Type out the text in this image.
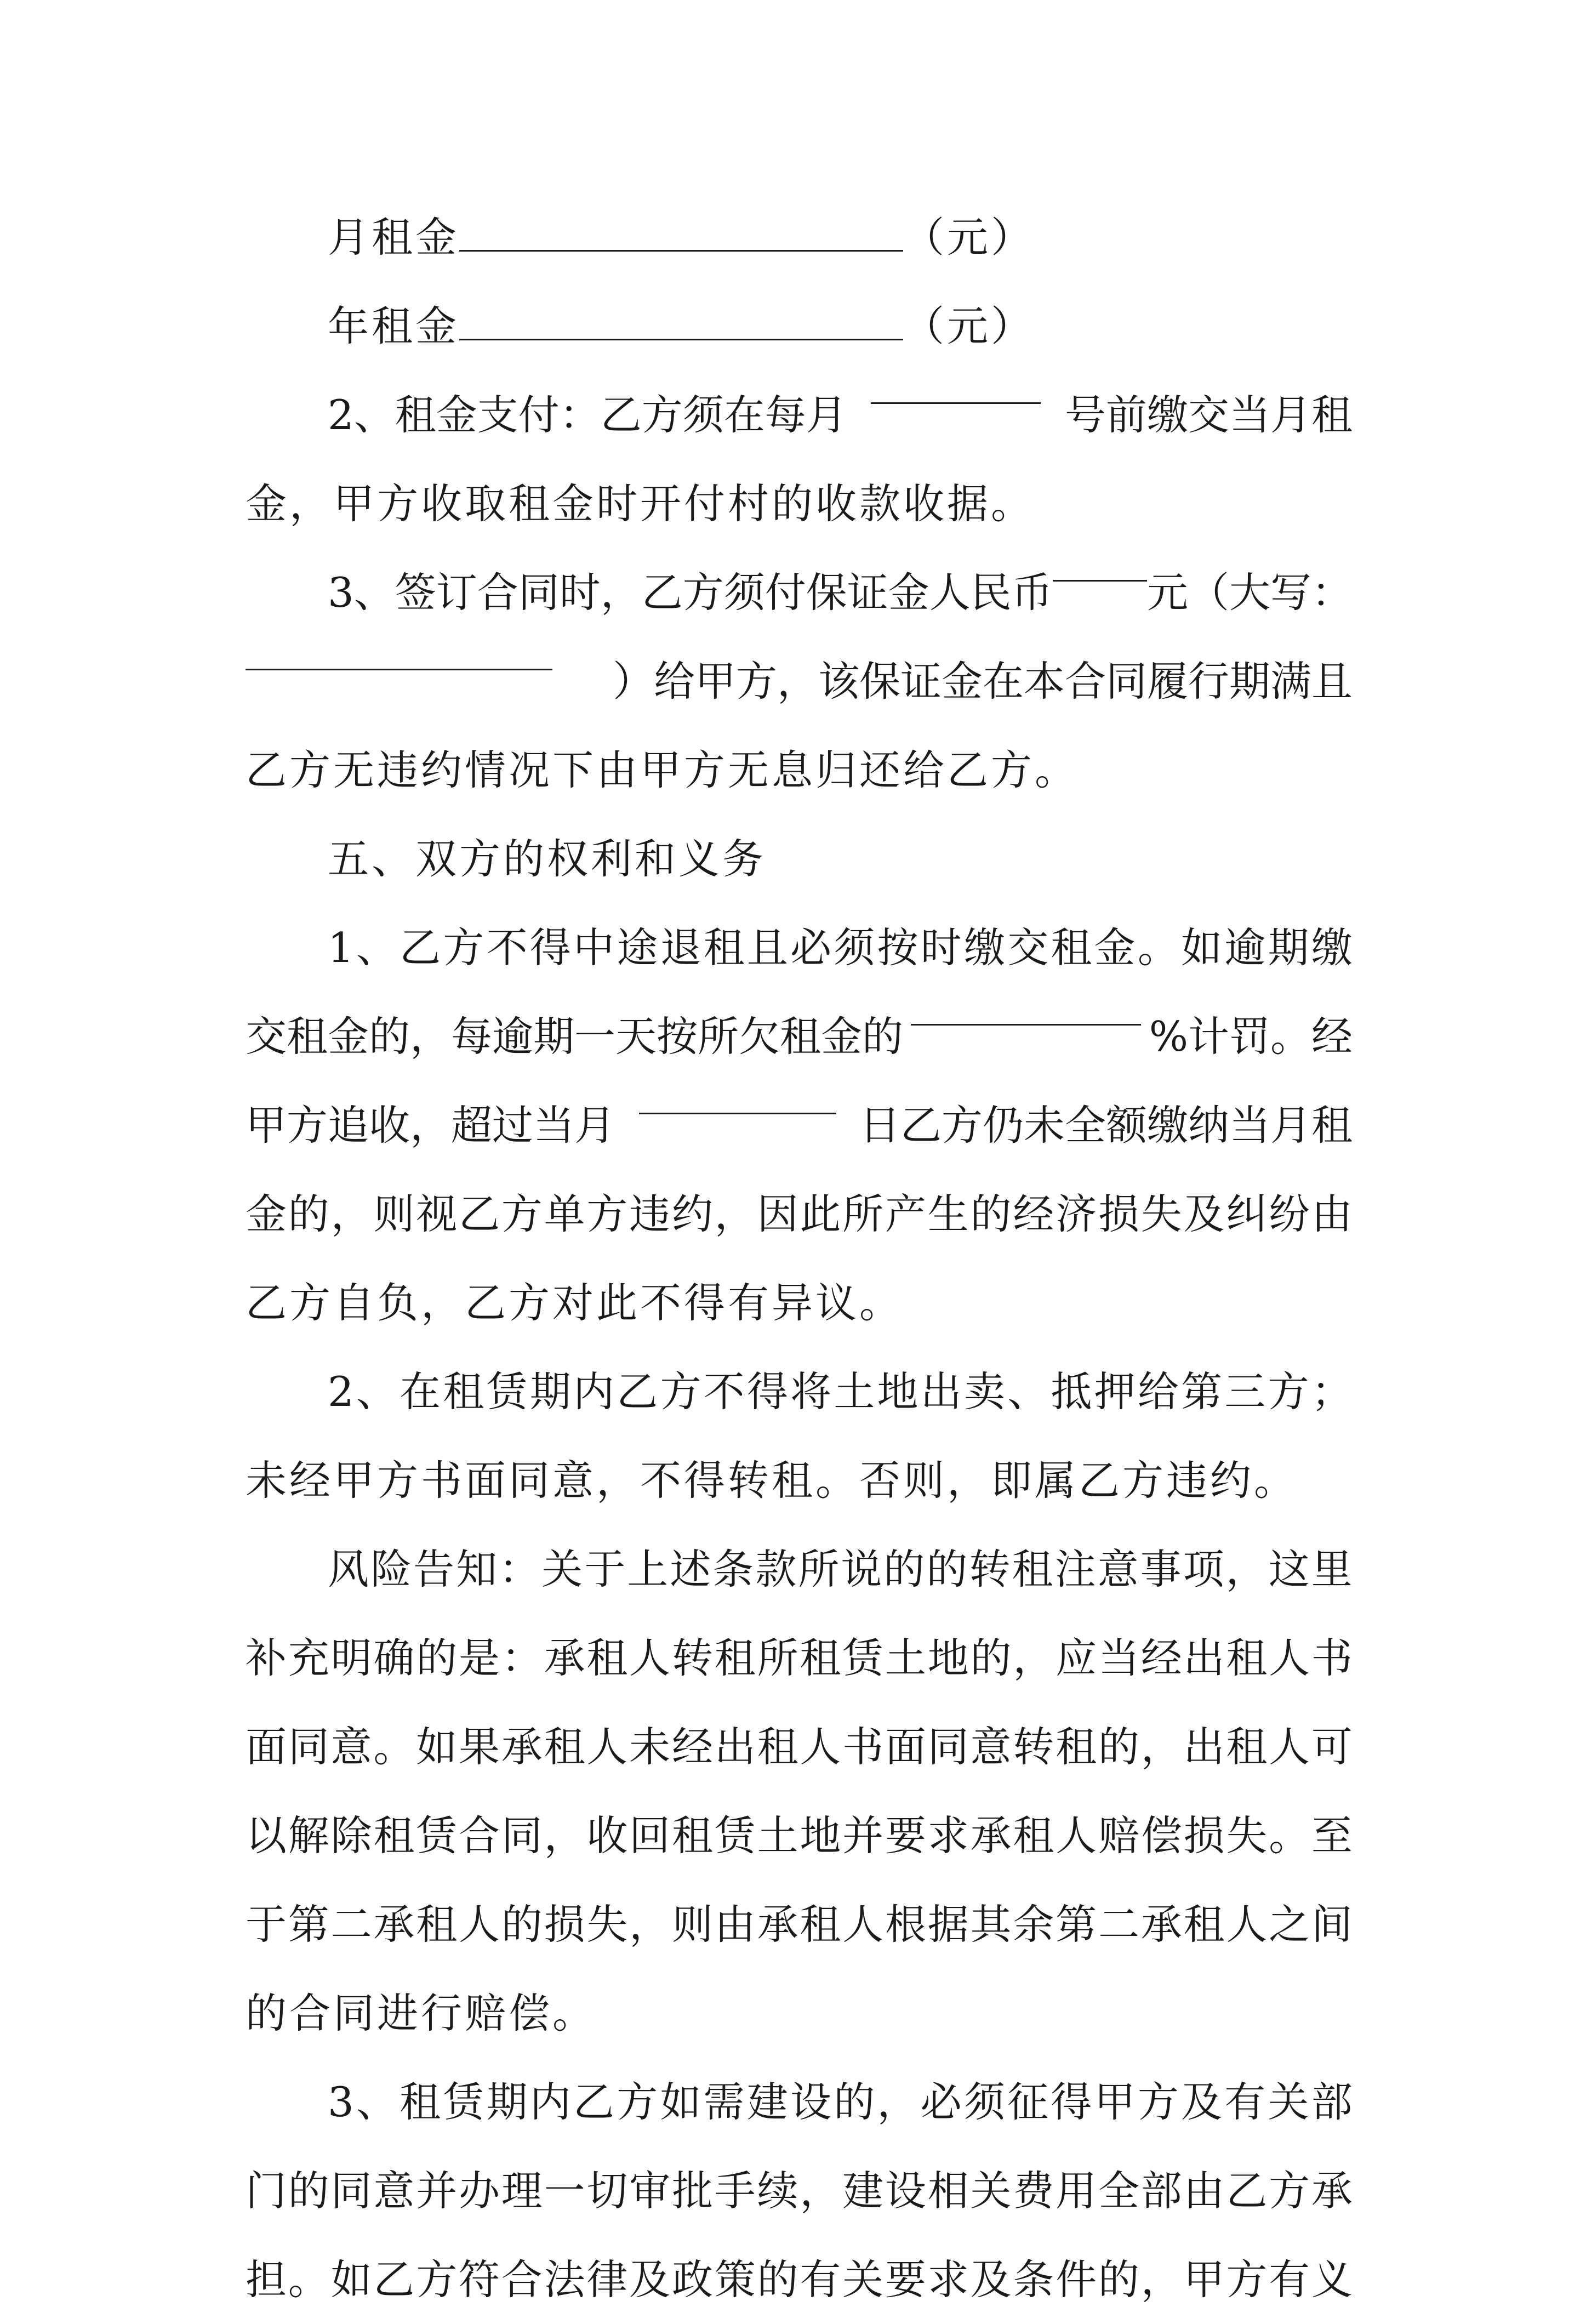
月租金	（元）
年租金	（元）
2、租金支付：乙方须在每月	号前缴交当月租
金，甲方收取租金时开付村的收款收据。
3、签订合同时，乙方须付保证金人民币 元（大写：
）给甲方，该保证金在本合同履行期满且
乙方无违约情况下由甲方无息归还给乙方。
五、双方的权利和义务
1 、 乙 方 不 得 中 途 退 租 且 必 须 按 时 缴 交 租 金 。 如 逾 期 缴
交租金的，每逾期一天按所欠租金的	%计罚。经
甲方追收，超过当月	日乙方仍未全额缴纳当月租
金 的 ， 则 视 乙 方 单 方 违 约 ， 因 此 所 产 生 的 经 济 损 失 及 纠 纷 由
乙方自负，乙方对此不得有异议。
2 、 在 租 赁 期 内 乙 方 不 得 将 土 地 出 卖 、 抵 押 给 第 三 方 ；
未经甲方书面同意，不得转租。否则，即属乙方违约。
风 险 告 知 ： 关 于 上 述 条 款 所 说 的 的 转 租 注 意 事 项 ， 这 里
补 充 明 确 的 是 ： 承 租 人 转 租 所 租 赁 土 地 的 ， 应 当 经 出 租 人 书
面 同 意 。 如 果 承 租 人 未 经 出 租 人 书 面 同 意 转 租 的 ， 出 租 人 可
以 解 除 租 赁 合 同 ， 收 回 租 赁 土 地 并 要 求 承 租 人 赔 偿 损 失 。 至
于 第 二 承 租 人 的 损 失 ， 则 由 承 租 人 根 据 其 余 第 二 承 租 人 之 间
的合同进行赔偿。
3 、 租 赁 期 内 乙 方 如 需 建 设 的 ， 必 须 征 得 甲 方 及 有 关 部
门 的 同 意 并 办 理 一 切 审 批 手 续 ， 建 设 相 关 费 用 全 部 由 乙 方 承
担 。 如 乙 方 符 合 法 律 及 政 策 的 有 关 要 求 及 条 件 的 ， 甲 方 有 义
